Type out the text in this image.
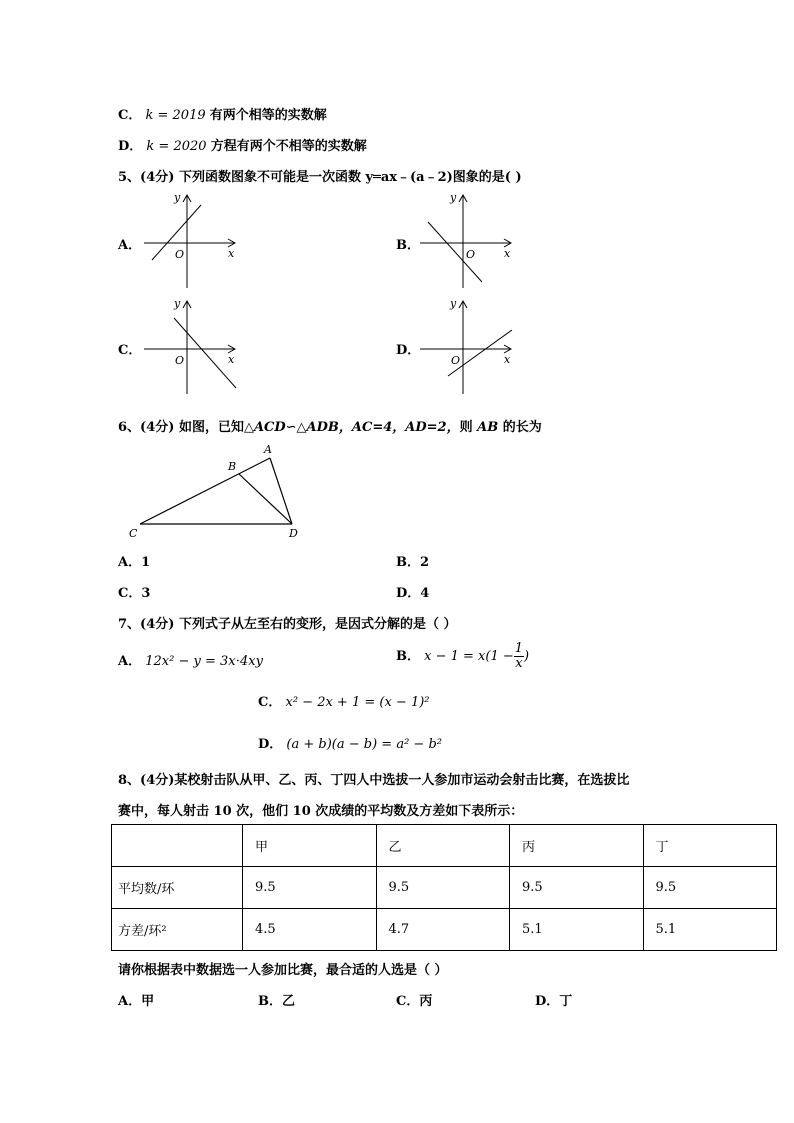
C． k = 2019 有两个相等的实数解
D． k = 2020 方程有两个不相等的实数解
5、(4分) 下列函数图象不可能是一次函数 y═ax﹣(a﹣2)图象的是( )
A．
y
x
O
B．
y
x
O
C．
y
x
O
D．
y
x
O
6、(4分) 如图，已知△ACD∽△ADB，AC=4，AD=2，则 AB 的长为
A
B
C	D
A．1	B．2
C．3	D．4
7、(4分) 下列式子从左至右的变形，是因式分解的是（ ）
A． 12x² − y = 3x⋅4xy	B． $x - 1 = x(1 - \frac{1}{x}$ )
C． x² − 2x + 1 = (x − 1)²
D． (a + b)(a − b) = a² − b²
8、(4分)某校射击队从甲、乙、丙、丁四人中选拔一人参加市运动会射击比赛，在选拔比
赛中，每人射击 10 次，他们 10 次成绩的平均数及方差如下表所示：
	甲	乙	丙	丁
平均数/环	9.5	9.5	9.5	9.5
方差/环²	4.5	4.7	5.1	5.1
请你根据表中数据选一人参加比赛，最合适的人选是（ ）
A．甲	B．乙	C．丙	D．丁
